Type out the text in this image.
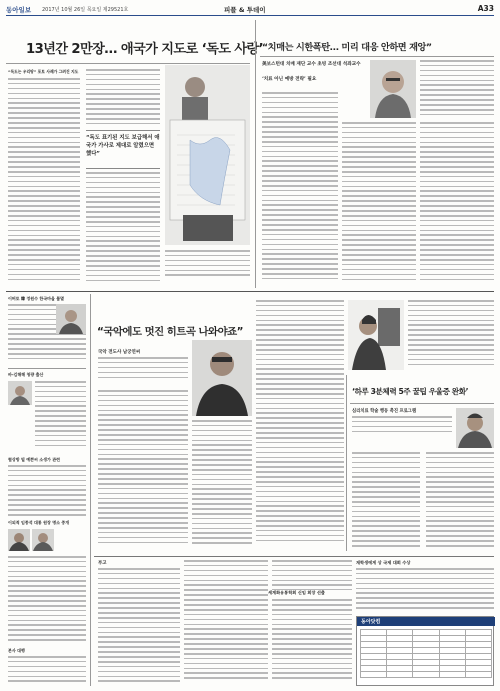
동아일보 2017년 10월 26일 목요일 제29521호	피플 & 투데이	A33
13년간 2만장… 애국가 지도로 ‘독도 사랑’
“독도는 우리땅” 포토 사례가 그려진 지도
“독도 표기된 지도 보급해서 애국가 가사로 제대로 알렸으면 했다”
“치매는 시한폭탄… 미리 대응 안하면 재앙”
美보스턴대 치매 재단 교수 초빙 조선대 석좌교수
‘치료 아닌 예방 전략’ 필요
이버토 韓 정원수 한국마을 불멸
바-김해해 청량 출산
협상방 빌 예쁜씨 소생가 관련
이외적 임종석 대통 원장 명소 중개
본사 대행
“국악에도 멋진 히트곡 나와야죠”
국악 전도사 남궁연씨
‘하루 3분체력 5주 꿀팁 우울증 완화’
심리치료 학술 행동 촉진 프로그램
부고
세계화유통학회 신임 회장 선출
재학생에게 상 국제 대회 수상
동아닷컴
